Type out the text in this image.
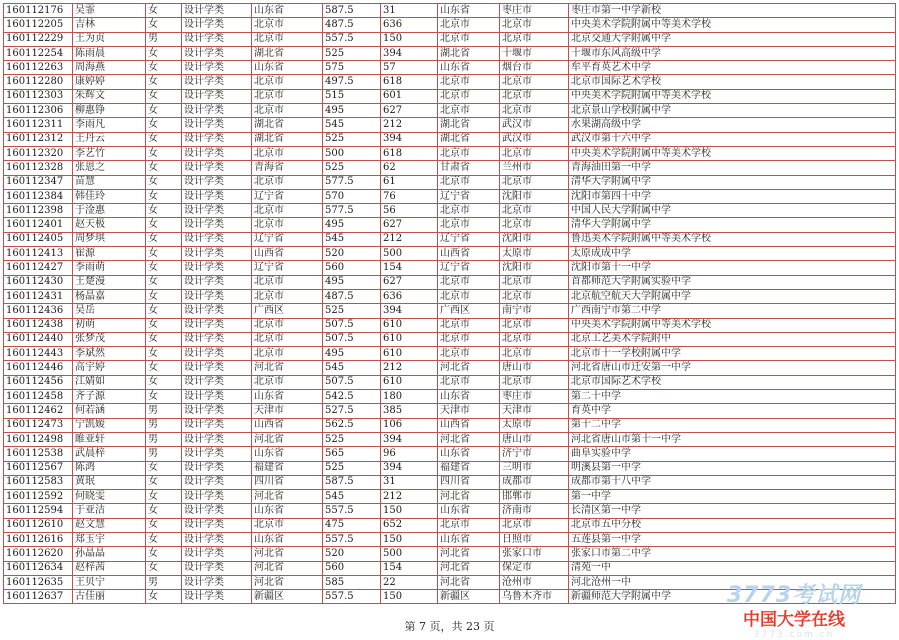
160112176	吴霏	女	设计学类	山东省	587.5	31	山东省	枣庄市	枣庄市第一中学新校
160112205	吉林	女	设计学类	北京市	487.5	636	北京市	北京市	中央美术学院附属中等美术学校
160112229	王为贞	男	设计学类	北京市	557.5	150	北京市	北京市	北京交通大学附属中学
160112254	陈雨晨	女	设计学类	湖北省	525	394	湖北省	十堰市	十堰市东风高级中学
160112263	周海燕	女	设计学类	山东省	575	57	山东省	烟台市	牟平育英艺术中学
160112280	康婷婷	女	设计学类	北京市	497.5	618	北京市	北京市	北京市国际艺术学校
160112303	朱辉文	女	设计学类	北京市	515	601	北京市	北京市	中央美术学院附属中等美术学校
160112306	柳惠铮	女	设计学类	北京市	495	627	北京市	北京市	北京景山学校附属中学
160112311	李雨凡	女	设计学类	湖北省	545	212	湖北省	武汉市	水果湖高级中学
160112312	王丹云	女	设计学类	湖北省	525	394	湖北省	武汉市	武汉市第十六中学
160112320	李艺竹	女	设计学类	北京市	500	618	北京市	北京市	中央美术学院附属中等美术学校
160112328	张恩之	女	设计学类	青海省	525	62	甘肃省	兰州市	青海油田第一中学
160112347	苗慧	女	设计学类	北京市	577.5	61	北京市	北京市	清华大学附属中学
160112384	韩佳玲	女	设计学类	辽宁省	570	76	辽宁省	沈阳市	沈阳市第四十中学
160112398	于淦惠	女	设计学类	北京市	577.5	56	北京市	北京市	中国人民大学附属中学
160112401	赵天极	女	设计学类	北京市	495	627	北京市	北京市	清华大学附属中学
160112405	周梦琪	女	设计学类	辽宁省	545	212	辽宁省	沈阳市	鲁迅美术学院附属中等美术学校
160112413	崔源	女	设计学类	山西省	520	500	山西省	太原市	太原成成中学
160112427	李雨萌	女	设计学类	辽宁省	560	154	辽宁省	沈阳市	沈阳市第十一中学
160112430	王楚漫	女	设计学类	北京市	495	627	北京市	北京市	首都师范大学附属实验中学
160112431	杨晶嘉	女	设计学类	北京市	487.5	636	北京市	北京市	北京航空航天大学附属中学
160112436	吴岳	女	设计学类	广西区	525	394	广西区	南宁市	广西南宁市第二中学
160112438	初萌	女	设计学类	北京市	507.5	610	北京市	北京市	中央美术学院附属中等美术学校
160112440	张梦茂	女	设计学类	北京市	507.5	610	北京市	北京市	北京工艺美术学院附中
160112443	李斌然	女	设计学类	北京市	495	610	北京市	北京市	北京市十一学校附属中学
160112446	高宇婷	女	设计学类	河北省	545	212	河北省	唐山市	河北省唐山市迁安第一中学
160112456	江婧如	女	设计学类	北京市	507.5	610	北京市	北京市	北京市国际艺术学校
160112458	齐子源	女	设计学类	山东省	542.5	180	山东省	枣庄市	第二十中学
160112462	何若涵	男	设计学类	天津市	527.5	385	天津市	天津市	育英中学
160112473	宁凯嫒	男	设计学类	山西省	562.5	106	山西省	太原市	第十二中学
160112498	睢亚轩	男	设计学类	河北省	525	394	河北省	唐山市	河北省唐山市第十一中学
160112538	武晨梓	男	设计学类	山东省	565	96	山东省	济宁市	曲阜实验中学
160112567	陈鸿	女	设计学类	福建省	525	394	福建省	三明市	明溪县第一中学
160112583	黄珉	女	设计学类	四川省	587.5	31	四川省	成都市	成都市第十八中学
160112592	何晓雯	女	设计学类	河北省	545	212	河北省	邯郸市	第一中学
160112594	于亚洁	女	设计学类	山东省	557.5	150	山东省	济南市	长清区第一中学
160112610	赵文慧	女	设计学类	北京市	475	652	北京市	北京市	北京市五中分校
160112616	郑玉宇	女	设计学类	山东省	557.5	150	山东省	日照市	五莲县第一中学
160112620	孙晶晶	女	设计学类	河北省	520	500	河北省	张家口市	张家口市第二中学
160112634	赵梓茜	女	设计学类	河北省	560	154	河北省	保定市	清苑一中
160112635	王贝宁	男	设计学类	河北省	585	22	河北省	沧州市	河北沧州一中
160112637	古佳丽	女	设计学类	新疆区	557.5	150	新疆区	乌鲁木齐市	新疆师范大学附属中学
第 7 页，共 23 页
3773考试网
中国大学在线
3773.com.cn
